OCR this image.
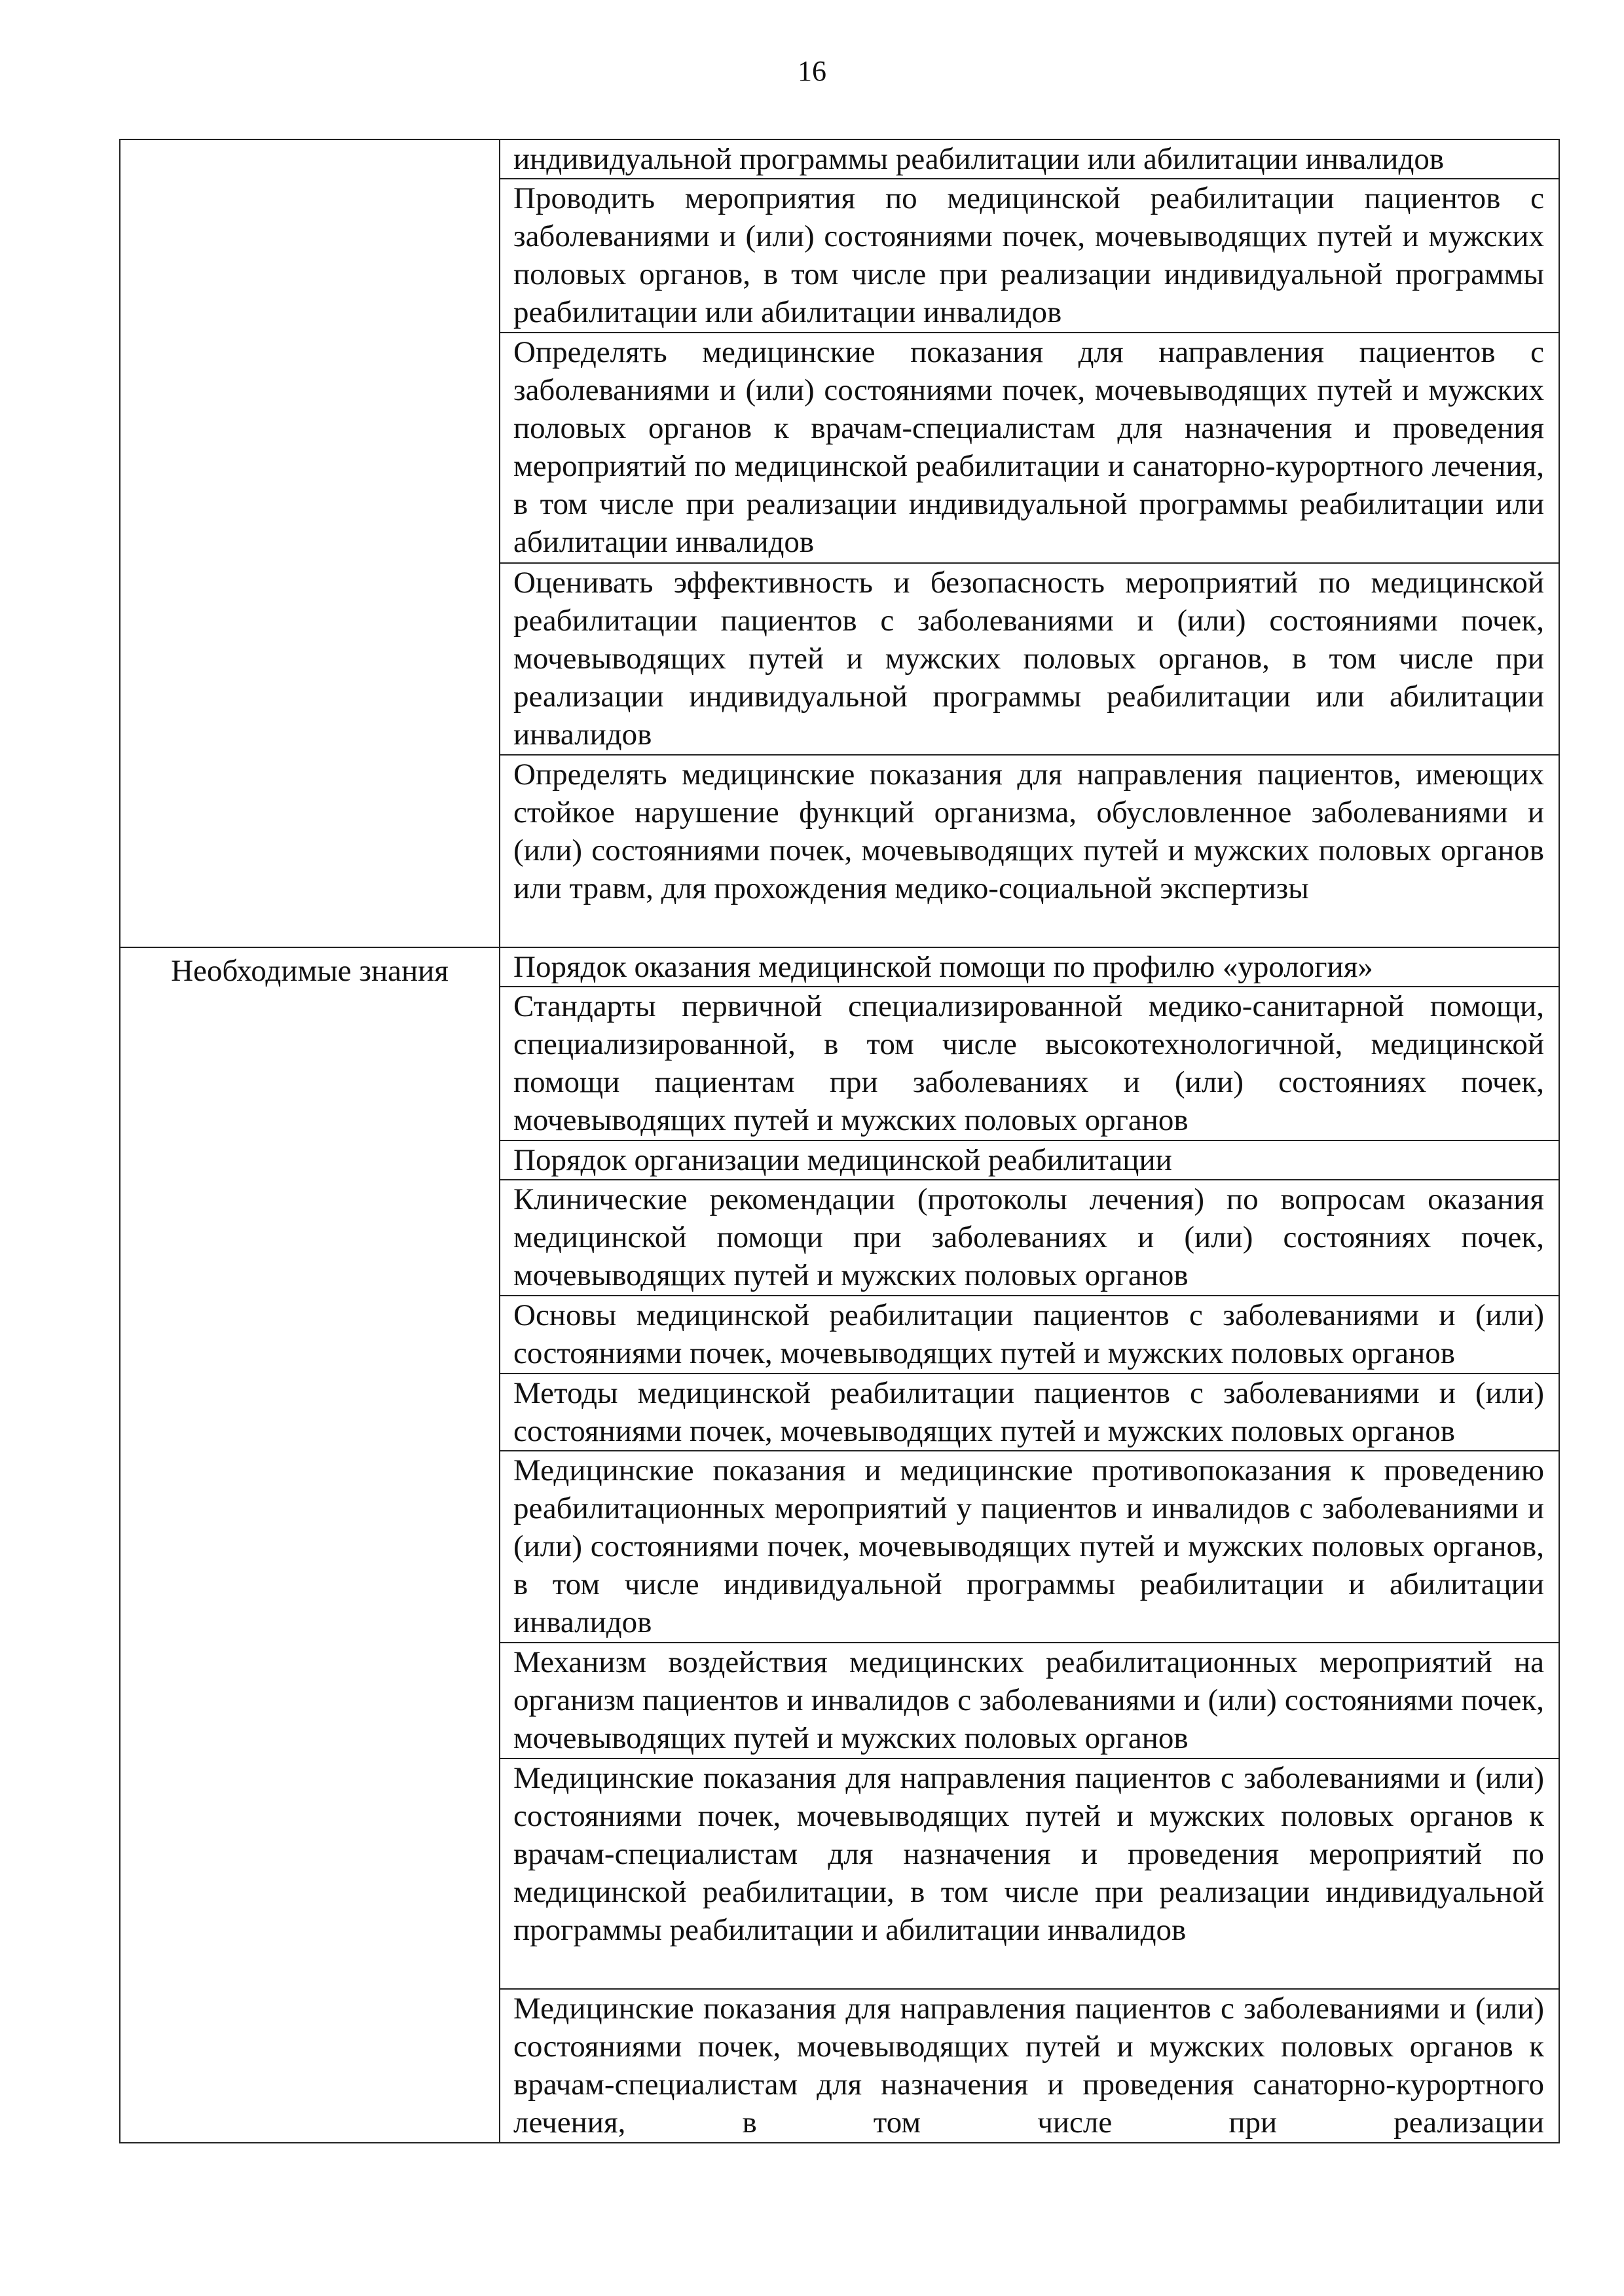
16
	индивидуальной программы реабилитации или абилитации инвалидов
	Проводить мероприятия по медицинской реабилитации пациентов с заболеваниями и (или) состояниями почек, мочевыводящих путей и мужских половых органов, в том числе при реализации индивидуальной программы реабилитации или абилитации инвалидов
	Определять медицинские показания для направления пациентов с заболеваниями и (или) состояниями почек, мочевыводящих путей и мужских половых органов к врачам-специалистам для назначения и проведения мероприятий по медицинской реабилитации и санаторно-курортного лечения, в том числе при реализации индивидуальной программы реабилитации или абилитации инвалидов
	Оценивать эффективность и безопасность мероприятий по медицинской реабилитации пациентов с заболеваниями и (или) состояниями почек, мочевыводящих путей и мужских половых органов, в том числе при реализации индивидуальной программы реабилитации или абилитации инвалидов
	Определять медицинские показания для направления пациентов, имеющих стойкое нарушение функций организма, обусловленное заболеваниями и (или) состояниями почек, мочевыводящих путей и мужских половых органов или травм, для прохождения медико-социальной экспертизы
Необходимые знания	Порядок оказания медицинской помощи по профилю «урология»
	Стандарты первичной специализированной медико-санитарной помощи, специализированной, в том числе высокотехнологичной, медицинской помощи пациентам при заболеваниях и (или) состояниях почек, мочевыводящих путей и мужских половых органов
	Порядок организации медицинской реабилитации
	Клинические рекомендации (протоколы лечения) по вопросам оказания медицинской помощи при заболеваниях и (или) состояниях почек, мочевыводящих путей и мужских половых органов
	Основы медицинской реабилитации пациентов с заболеваниями и (или) состояниями почек, мочевыводящих путей и мужских половых органов
	Методы медицинской реабилитации пациентов с заболеваниями и (или) состояниями почек, мочевыводящих путей и мужских половых органов
	Медицинские показания и медицинские противопоказания к проведению реабилитационных мероприятий у пациентов и инвалидов с заболеваниями и (или) состояниями почек, мочевыводящих путей и мужских половых органов, в том числе индивидуальной программы реабилитации и абилитации инвалидов
	Механизм воздействия медицинских реабилитационных мероприятий на организм пациентов и инвалидов с заболеваниями и (или) состояниями почек, мочевыводящих путей и мужских половых органов
	Медицинские показания для направления пациентов с заболеваниями и (или) состояниями почек, мочевыводящих путей и мужских половых органов к врачам-специалистам для назначения и проведения мероприятий по медицинской реабилитации, в том числе при реализации индивидуальной программы реабилитации и абилитации инвалидов
	Медицинские показания для направления пациентов с заболеваниями и (или) состояниями почек, мочевыводящих путей и мужских половых органов к врачам-специалистам для назначения и проведения санаторно-курортного лечения, в том числе при реализации
